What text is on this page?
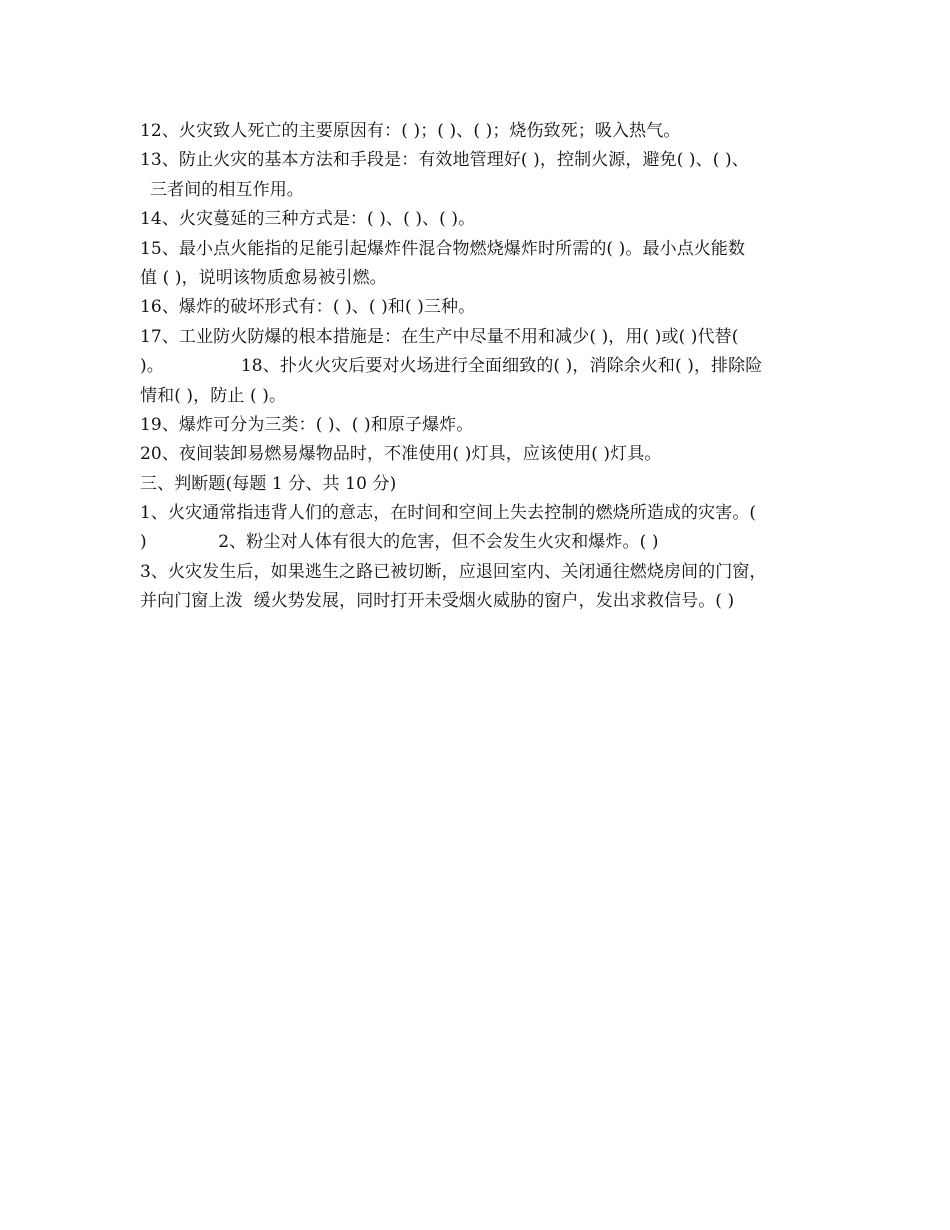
12、火灾致人死亡的主要原因有：( )；( )、( )；烧伤致死；吸入热气。
13、防止火灾的基本方法和手段是：有效地管理好( )，控制火源，避免( )、( )、
三者间的相互作用。
14、火灾蔓延的三种方式是：( )、( )、( )。
15、最小点火能指的足能引起爆炸件混合物燃烧爆炸时所需的( )。最小点火能数
值 ( )，说明该物质愈易被引燃。
16、爆炸的破坏形式有：( )、( )和( )三种。
17、工业防火防爆的根本措施是：在生产中尽量不用和减少( )，用( )或( )代替(
)。              18、扑火火灾后要对火场进行全面细致的( )，消除余火和( )，排除险
情和( )，防止 ( )。
19、爆炸可分为三类：( )、( )和原子爆炸。
20、夜间装卸易燃易爆物品时，不准使用( )灯具，应该使用( )灯具。
三、判断题(每题 1 分、共 10 分)
1、火灾通常指违背人们的意志，在时间和空间上失去控制的燃烧所造成的灾害。(
)             2、粉尘对人体有很大的危害，但不会发生火灾和爆炸。( )
3、火灾发生后，如果逃生之路已被切断，应退回室内、关闭通往燃烧房间的门窗，
并向门窗上泼  缓火势发展，同时打开未受烟火威胁的窗户，发出求救信号。( )
